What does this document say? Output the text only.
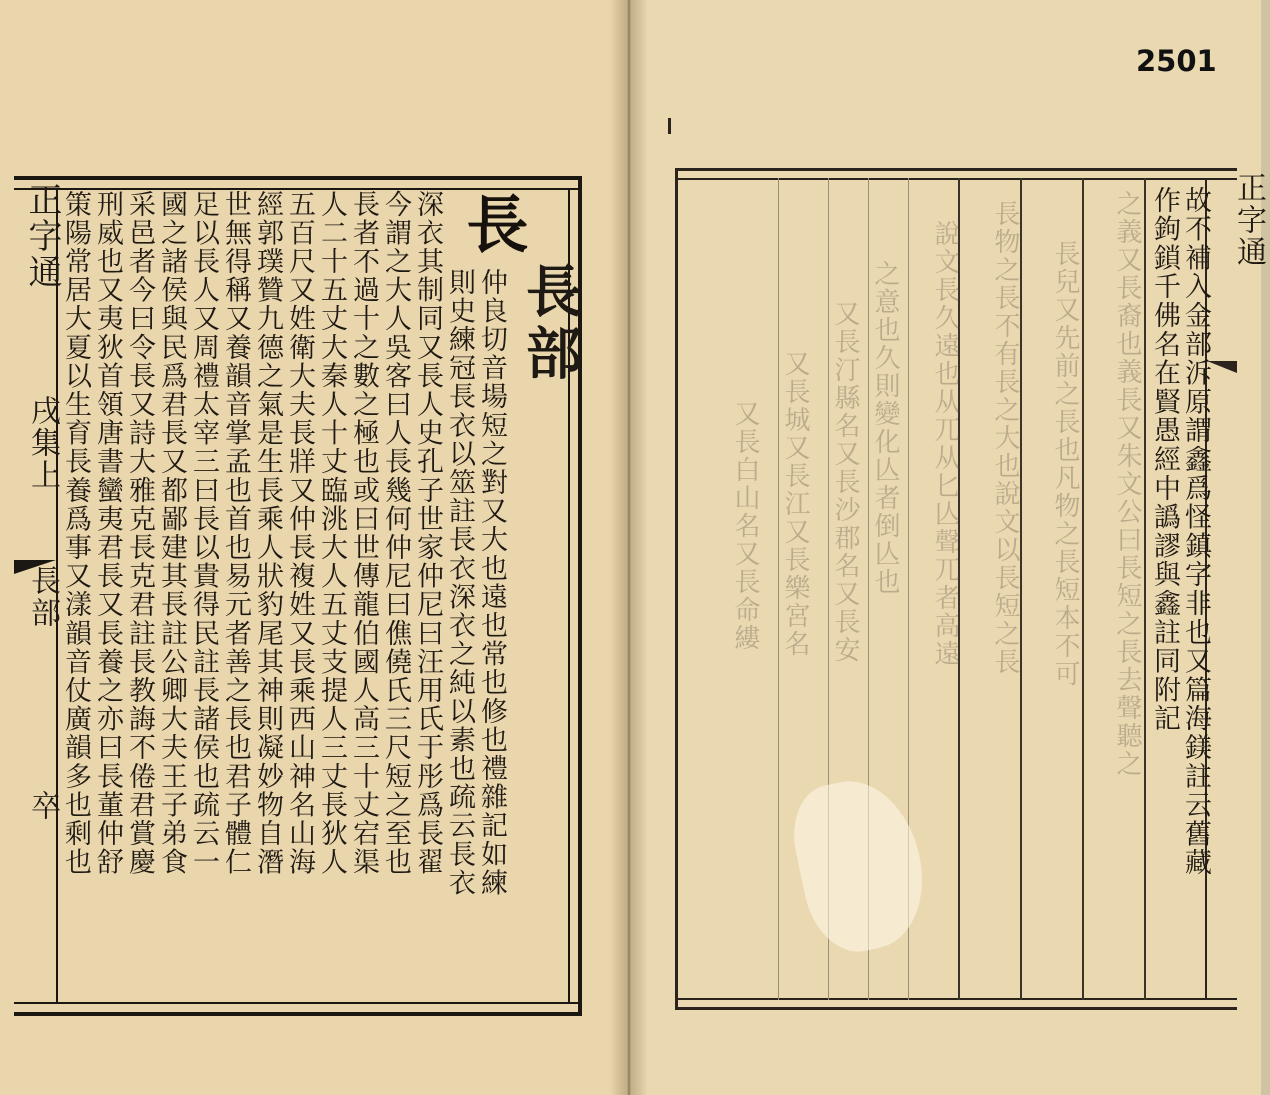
正字通
戌集上
長部
卒
長部
長
仲良切音場短之對又大也遠也常也修也禮雜記如練
則史練冠長衣以筮註長衣深衣之純以素也疏云長衣
深衣其制同又長人史孔子世家仲尼曰汪用氏于彤爲長翟
今謂之大人吳客曰人長幾何仲尼曰僬僥氏三尺短之至也
長者不過十之數之極也或曰世傳龍伯國人高三十丈宕渠
人二十五丈大秦人十丈臨洮大人五丈支提人三丈長狄人
五百尺又姓衛大夫長牂又仲長複姓又長乘西山神名山海
經郭璞贊九德之氣是生長乘人狀豹尾其神則凝妙物自潛
世無得稱又養韻音掌孟也首也易元者善之長也君子體仁
足以長人又周禮太宰三曰長以貴得民註長諸侯也疏云一
國之諸侯與民爲君長又都鄙建其長註公卿大夫王子弟食
采邑者今曰令長又詩大雅克長克君註長教誨不倦君賞慶
刑威也又夷狄首領唐書蠻夷君長又長養之亦曰長董仲舒
策陽常居大夏以生育長養爲事又漾韻音仗廣韻多也剩也
2501
正字通
故不補入金部泝原謂鑫爲怪鎮字非也又篇海鎂註云舊藏
作鉤鎖千佛名在賢愚經中譌謬與鑫註同附記
之義又長裔也義長又朱文公曰長短之長去聲聽之
長兒又先前之長也凡物之長短本不可
長物之長不有長之大也說文以長短之長
說文長久遠也从兀从匕亾聲兀者高遠
之意也久則變化亾者倒亾也
又長汀縣名又長沙郡名又長安
又長城又長江又長樂宮名
又長白山名又長命縷
